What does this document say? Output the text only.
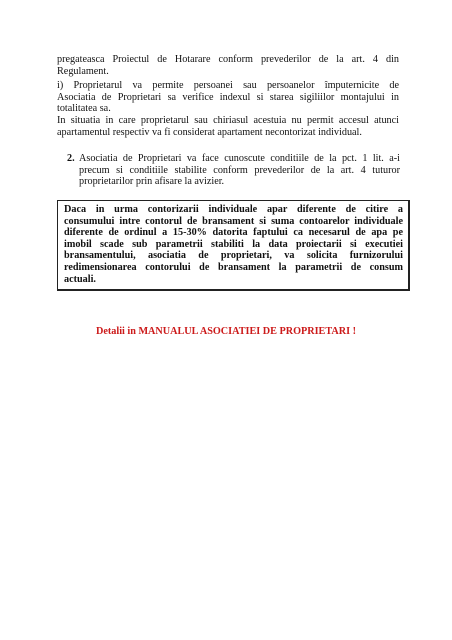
pregateasca Proiectul de Hotarare conform prevederilor de la art. 4 din
Regulament.
i) Proprietarul va permite persoanei sau persoanelor împuternicite de
Asociatia de Proprietari sa verifice indexul si starea sigiliilor montajului in
totalitatea sa.
In situatia in care proprietarul sau chiriasul acestuia nu permit accesul atunci
apartamentul respectiv va fi considerat apartament necontorizat individual.
2. Asociatia de Proprietari va face cunoscute conditiile de la pct. 1 lit. a-i
precum si conditiile stabilite conform prevederilor de la art. 4 tuturor
proprietarilor prin afisare la avizier.
Daca in urma contorizarii individuale apar diferente de citire a
consumului intre contorul de bransament si suma contoarelor individuale
diferente de ordinul a 15-30% datorita faptului ca necesarul de apa pe
imobil scade sub parametrii stabiliti la data proiectarii si executiei
bransamentului, asociatia de proprietari, va solicita furnizorului
redimensionarea contorului de bransament la parametrii de consum
actuali.
Detalii in MANUALUL ASOCIATIEI DE PROPRIETARI !
